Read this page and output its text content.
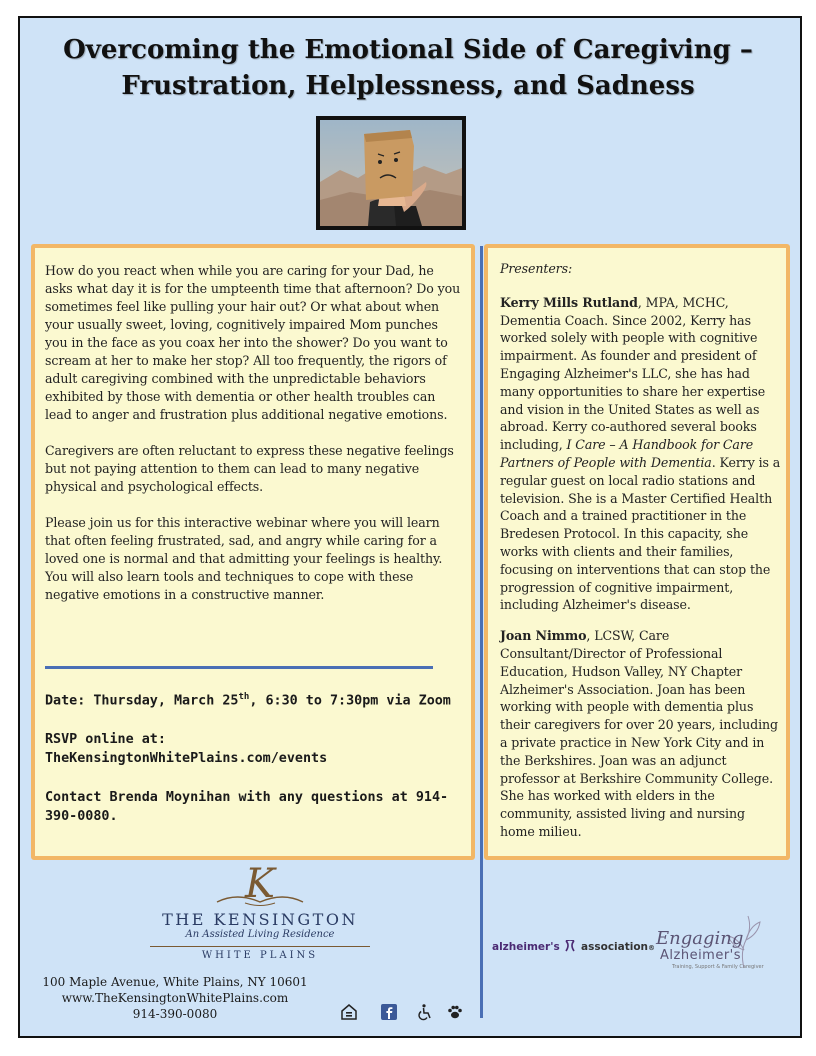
Overcoming the Emotional Side of Caregiving –
Frustration, Helplessness, and Sadness

How do you react when while you are caring for your Dad, he asks what day it is for the umpteenth time that afternoon? Do you sometimes feel like pulling your hair out? Or what about when your usually sweet, loving, cognitively impaired Mom punches you in the face as you coax her into the shower? Do you want to scream at her to make her stop? All too frequently, the rigors of adult caregiving combined with the unpredictable behaviors exhibited by those with dementia or other health troubles can lead to anger and frustration plus additional negative emotions.

Caregivers are often reluctant to express these negative feelings but not paying attention to them can lead to many negative physical and psychological effects.

Please join us for this interactive webinar where you will learn that often feeling frustrated, sad, and angry while caring for a loved one is normal and that admitting your feelings is healthy. You will also learn tools and techniques to cope with these negative emotions in a constructive manner.

Date: Thursday, March 25th, 6:30 to 7:30pm via Zoom
RSVP online at:
TheKensingtonWhitePlains.com/events
Contact Brenda Moynihan with any questions at 914-390-0080.
Presenters:

Kerry Mills Rutland, MPA, MCHC, Dementia Coach. Since 2002, Kerry has worked solely with people with cognitive impairment. As founder and president of Engaging Alzheimer's LLC, she has had many opportunities to share her expertise and vision in the United States as well as abroad. Kerry co-authored several books including, I Care – A Handbook for Care Partners of People with Dementia. Kerry is a regular guest on local radio stations and television. She is a Master Certified Health Coach and a trained practitioner in the Bredesen Protocol. In this capacity, she works with clients and their families, focusing on interventions that can stop the progression of cognitive impairment, including Alzheimer's disease.

Joan Nimmo, LCSW, Care Consultant/Director of Professional Education, Hudson Valley, NY Chapter Alzheimer's Association. Joan has been working with people with dementia plus their caregivers for over 20 years, including a private practice in New York City and in the Berkshires. Joan was an adjunct professor at Berkshire Community College. She has worked with elders in the community, assisted living and nursing home milieu.

K
THE KENSINGTON
An Assisted Living Residence
WHITE PLAINS
100 Maple Avenue, White Plains, NY 10601
www.TheKensingtonWhitePlains.com
914-390-0080
alzheimer's association® Engaging
Alzheimer's
Training, Support & Family Caregiver
